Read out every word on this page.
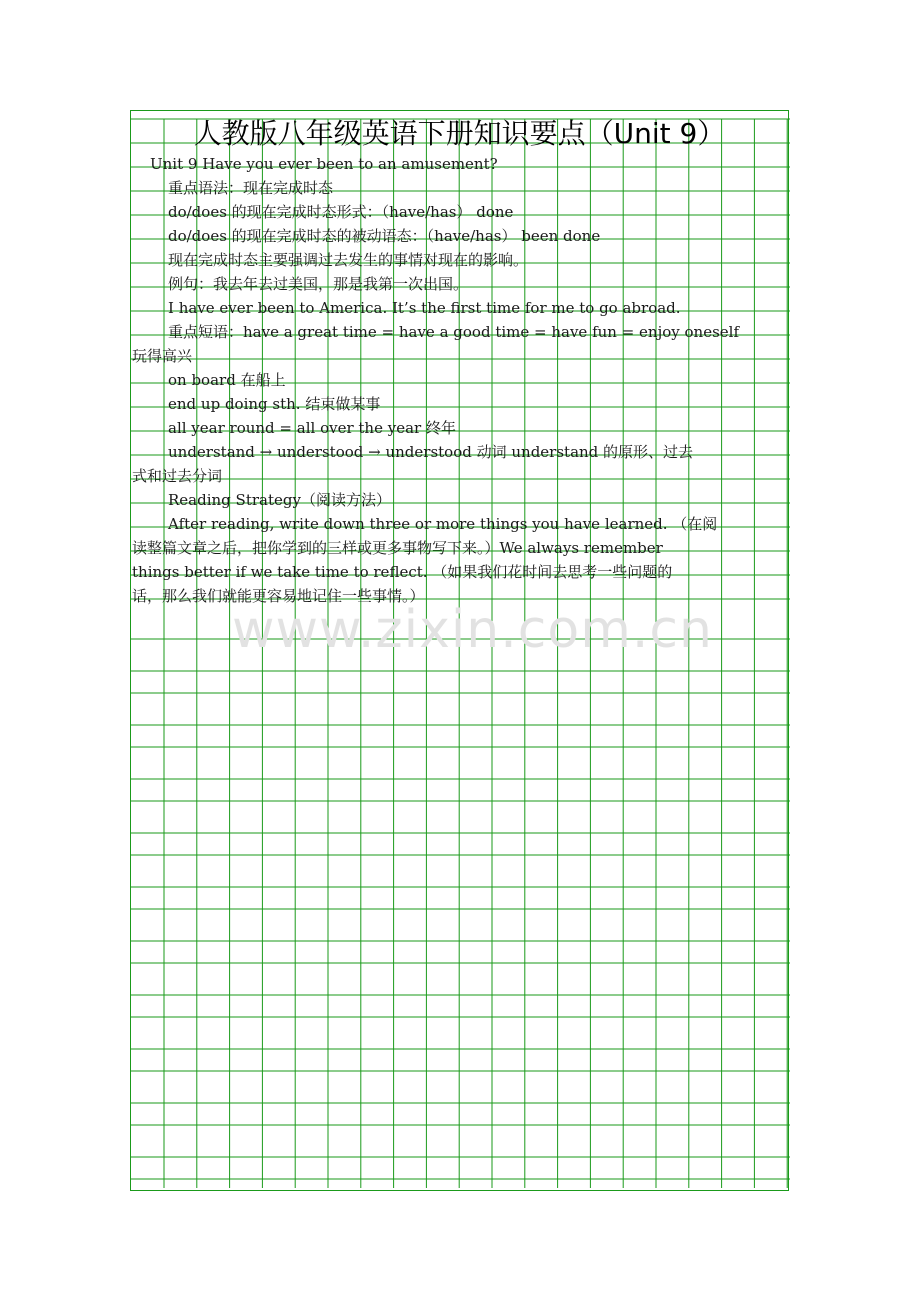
www.zixin.com.cn
人教版八年级英语下册知识要点（Unit 9）
Unit 9 Have you ever been to an amusement?
重点语法：现在完成时态
do/does 的现在完成时态形式：（have/has） done
do/does 的现在完成时态的被动语态：（have/has） been done
现在完成时态主要强调过去发生的事情对现在的影响。
例句：我去年去过美国，那是我第一次出国。
I have ever been to America. It’s the first time for me to go abroad.
重点短语：have a great time = have a good time = have fun = enjoy oneself
玩得高兴
on board 在船上
end up doing sth. 结束做某事
all year round = all over the year 终年
understand → understood → understood 动词 understand 的原形、过去
式和过去分词
Reading Strategy（阅读方法）
After reading, write down three or more things you have learned. （在阅
读整篇文章之后，把你学到的三样或更多事物写下来。）We always remember
things better if we take time to reflect. （如果我们花时间去思考一些问题的
话，那么我们就能更容易地记住一些事情。）
